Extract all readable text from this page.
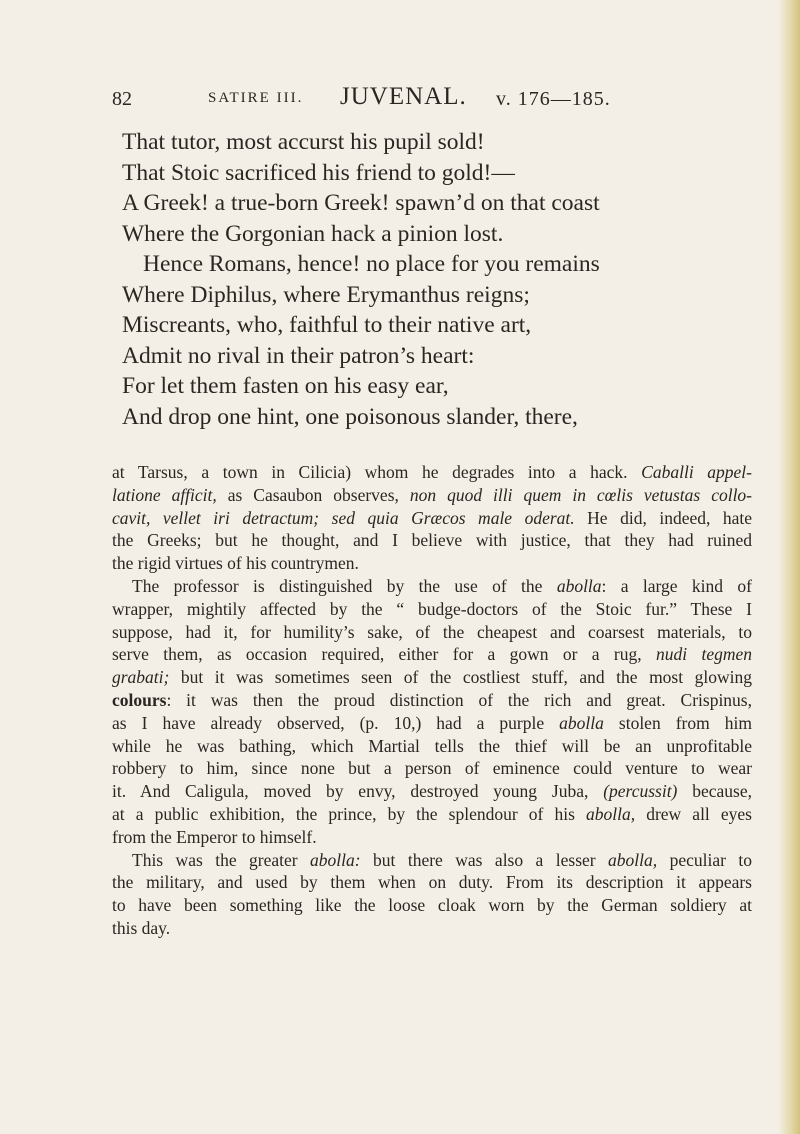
82	SATIRE III. JUVENAL. v. 176—185.
That tutor, most accurst his pupil sold!
That Stoic sacrificed his friend to gold!—
A Greek! a true-born Greek! spawn’d on that coast
Where the Gorgonian hack a pinion lost.
Hence Romans, hence! no place for you remains
Where Diphilus, where Erymanthus reigns;
Miscreants, who, faithful to their native art,
Admit no rival in their patron’s heart:
For let them fasten on his easy ear,
And drop one hint, one poisonous slander, there,
at Tarsus, a town in Cilicia) whom he degrades into a hack. Caballi appel-
latione afficit, as Casaubon observes, non quod illi quem in cœlis vetustas collo-
cavit, vellet iri detractum; sed quia Græcos male oderat. He did, indeed, hate
the Greeks; but he thought, and I believe with justice, that they had ruined
the rigid virtues of his countrymen.
The professor is distinguished by the use of the abolla: a large kind of
wrapper, mightily affected by the “ budge-doctors of the Stoic fur.” These I
suppose, had it, for humility’s sake, of the cheapest and coarsest materials, to
serve them, as occasion required, either for a gown or a rug, nudi tegmen
grabati; but it was sometimes seen of the costliest stuff, and the most glowing
colours: it was then the proud distinction of the rich and great. Crispinus,
as I have already observed, (p. 10,) had a purple abolla stolen from him
while he was bathing, which Martial tells the thief will be an unprofitable
robbery to him, since none but a person of eminence could venture to wear
it. And Caligula, moved by envy, destroyed young Juba, (percussit) because,
at a public exhibition, the prince, by the splendour of his abolla, drew all eyes
from the Emperor to himself.
This was the greater abolla: but there was also a lesser abolla, peculiar to
the military, and used by them when on duty. From its description it appears
to have been something like the loose cloak worn by the German soldiery at
this day.
